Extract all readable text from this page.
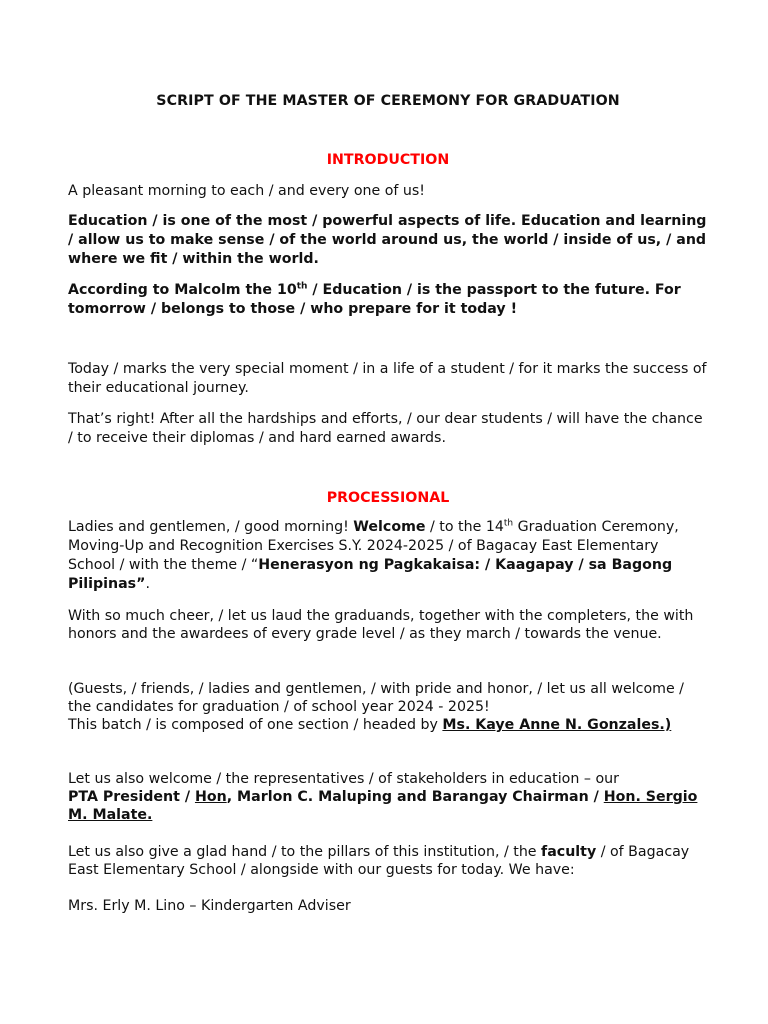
SCRIPT OF THE MASTER OF CEREMONY FOR GRADUATION

INTRODUCTION

A pleasant morning to each / and every one of us!

Education / is one of the most / powerful aspects of life. Education and learning / allow us to make sense / of the world around us, the world / inside of us, / and where we fit / within the world.

According to Malcolm the 10th / Education / is the passport to the future. For tomorrow / belongs to those / who prepare for it today !

Today / marks the very special moment / in a life of a student / for it marks the success of their educational journey.

That’s right! After all the hardships and efforts, / our dear students / will have the chance / to receive their diplomas / and hard earned awards.

PROCESSIONAL

Ladies and gentlemen, / good morning! Welcome / to the 14th Graduation Ceremony, Moving-Up and Recognition Exercises S.Y. 2024-2025 / of Bagacay East Elementary School / with the theme / “Henerasyon ng Pagkakaisa: / Kaagapay / sa Bagong Pilipinas”.

With so much cheer, / let us laud the graduands, together with the completers, the with honors and the awardees of every grade level / as they march / towards the venue.

(Guests, / friends, / ladies and gentlemen, / with pride and honor, / let us all welcome / the candidates for graduation / of school year 2024 - 2025!

This batch / is composed of one section / headed by Ms. Kaye Anne N. Gonzales.)

Let us also welcome / the representatives / of stakeholders in education – our
PTA President / Hon, Marlon C. Maluping and Barangay Chairman / Hon. Sergio M. Malate.

Let us also give a glad hand / to the pillars of this institution, / the faculty / of Bagacay East Elementary School / alongside with our guests for today. We have:

Mrs. Erly M. Lino – Kindergarten Adviser
